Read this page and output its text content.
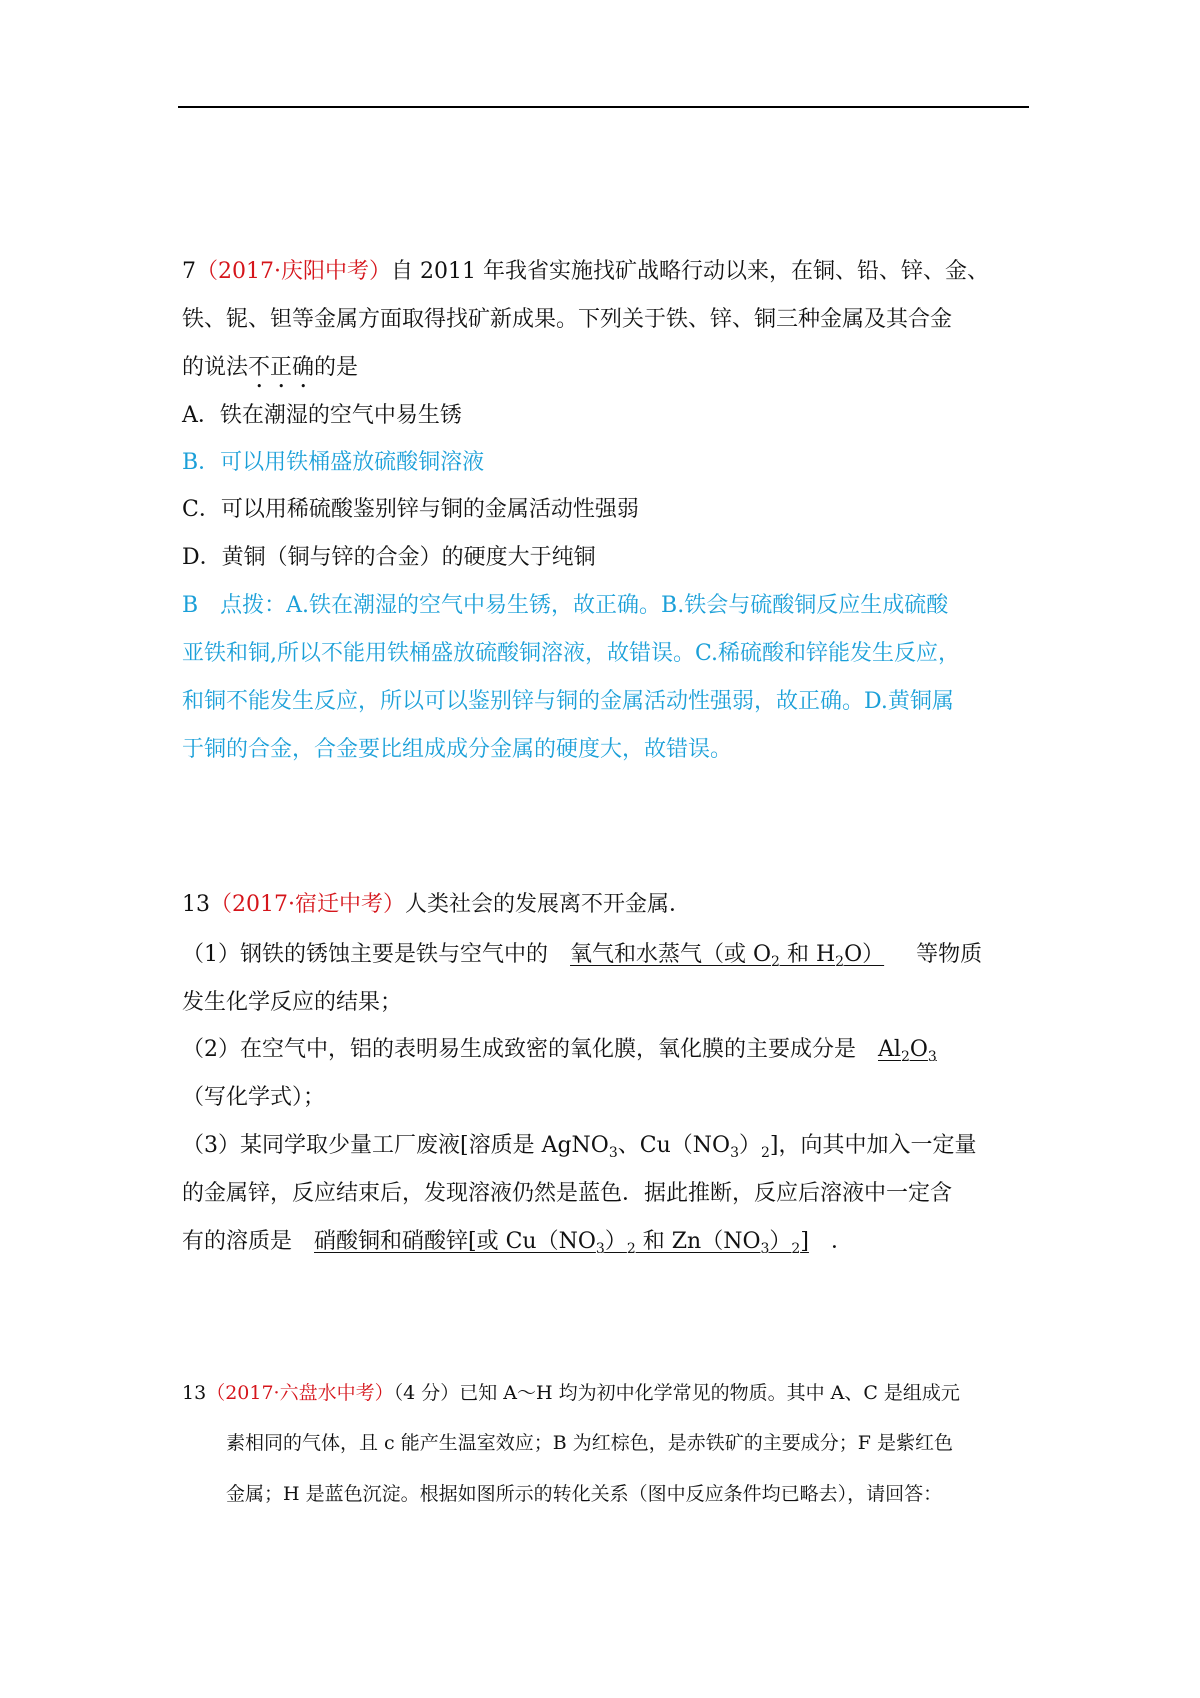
7（2017·庆阳中考）自 2011 年我省实施找矿战略行动以来，在铜、铅、锌、金、
铁、铌、钽等金属方面取得找矿新成果。下列关于铁、锌、铜三种金属及其合金
的说法不正确的是
A．铁在潮湿的空气中易生锈
B．可以用铁桶盛放硫酸铜溶液
C．可以用稀硫酸鉴别锌与铜的金属活动性强弱
D．黄铜（铜与锌的合金）的硬度大于纯铜
B　点拨：A.铁在潮湿的空气中易生锈，故正确。B.铁会与硫酸铜反应生成硫酸
亚铁和铜,所以不能用铁桶盛放硫酸铜溶液，故错误。C.稀硫酸和锌能发生反应，
和铜不能发生反应，所以可以鉴别锌与铜的金属活动性强弱，故正确。D.黄铜属
于铜的合金，合金要比组成成分金属的硬度大，故错误。
13（2017·宿迁中考）人类社会的发展离不开金属．
（1）钢铁的锈蚀主要是铁与空气中的 氧气和水蒸气（或 $O_2$ 和 $H_2O$） 等物质
发生化学反应的结果；
（2）在空气中，铝的表明易生成致密的氧化膜，氧化膜的主要成分是 $Al_2O_3$
（写化学式）；
（3）某同学取少量工厂废液[溶质是 AgNO$_3$、$Cu(NO_3)_2$]，向其中加入一定量
的金属锌，反应结束后，发现溶液仍然是蓝色．据此推断，反应后溶液中一定含
有的溶质是 硝酸铜和硝酸锌[或 $Cu(NO_3)_2$ 和 $Zn(NO_3)_2$] ．
13（2017·六盘水中考）（4 分）已知 A～H 均为初中化学常见的物质。其中 A、C 是组成元
素相同的气体，且 c 能产生温室效应；B 为红棕色，是赤铁矿的主要成分；F 是紫红色
金属；H 是蓝色沉淀。根据如图所示的转化关系（图中反应条件均已略去），请回答：
